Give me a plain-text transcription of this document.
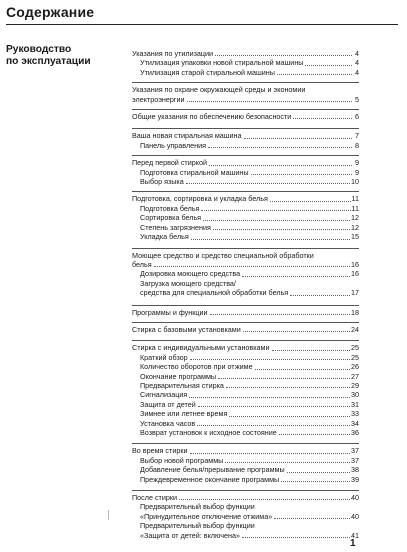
Содержание
Руководство
по эксплуатации
Указания по утилизации	4
Утилизация упаковки новой стиральной машины	4
Утилизация старой стиральной машины	4
Указания по охране окружающей среды и экономии
электроэнергии	5
Общие указания по обеспечению безопасности	6
Ваша новая стиральная машина	7
Панель управления	8
Перед первой стиркой	9
Подготовка стиральной машины	9
Выбор языка	10
Подготовка, сортировка и укладка белья	11
Подготовка белья	11
Сортировка белья	12
Степень загрязнения	12
Укладка белья	15
Моющее средство и средство специальной обработки
белья	16
Дозировка моющего средства	16
Загрузка моющего средства/
средства для специальной обработки белья	17
Программы и функции	18
Стирка с базовыми установками	24
Стирка с индивидуальными установками	25
Краткий обзор	25
Количество оборотов при отжиме	26
Окончание программы	27
Предварительная стирка	29
Сигнализация	30
Защита от детей	31
Зимнее или летнее время	33
Установка часов	34
Возврат установок к исходное состояние	36
Во время стирки	37
Выбор новой программы	37
Добавление белья/прерывание программы	38
Преждевременное окончание программы	39
После стирки	40
Предварительный выбор функции
«Принудительное отключение отжима»	40
Предварительный выбор функции
«Защита от детей: включена»	41
1
